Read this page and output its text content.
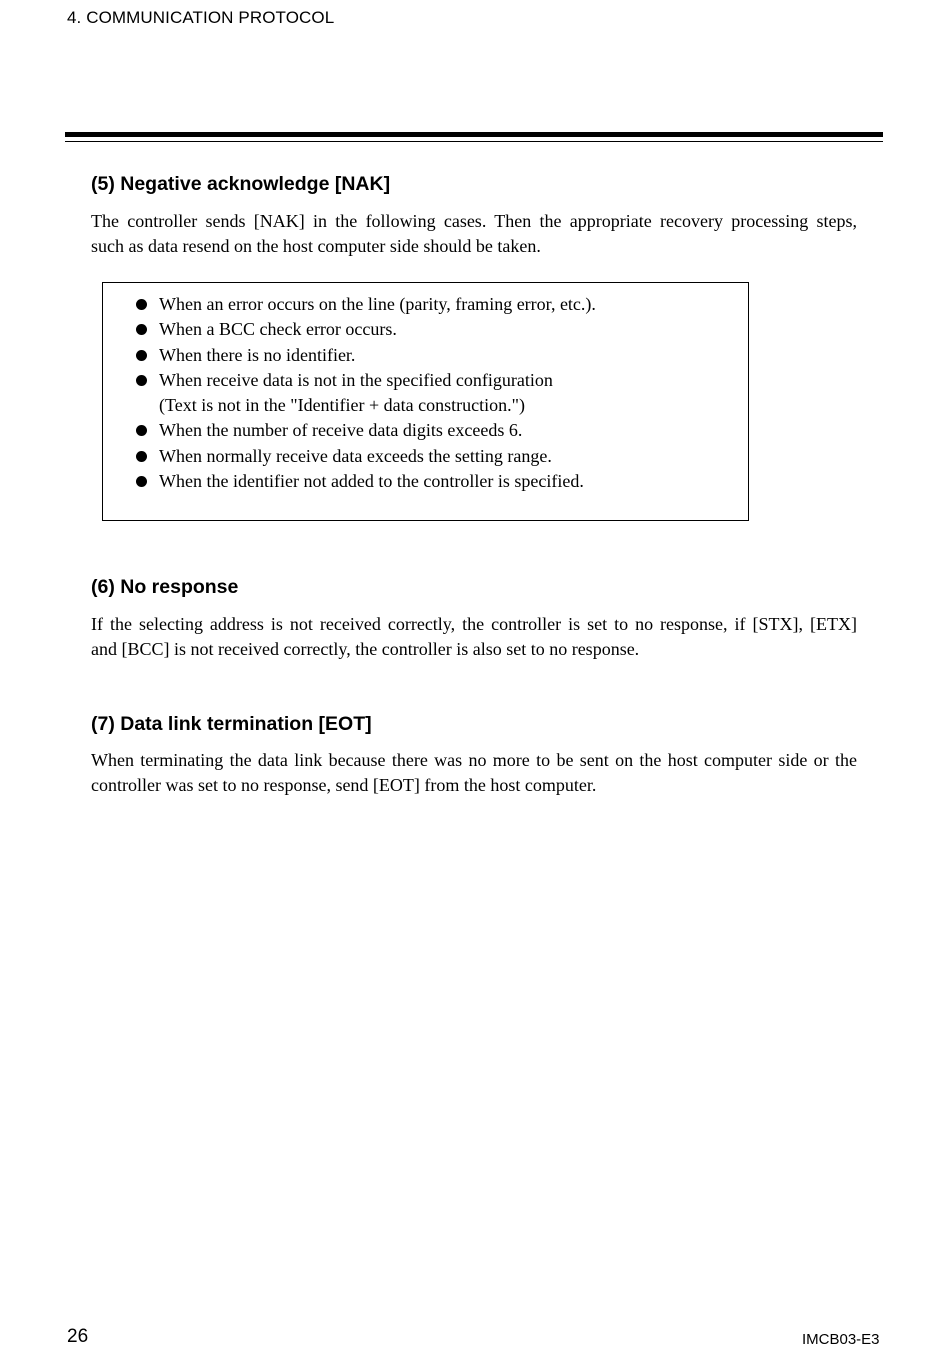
4. COMMUNICATION PROTOCOL
(5) Negative acknowledge [NAK]

The controller sends [NAK] in the following cases. Then the appropriate recovery processing steps,
such as data resend on the host computer side should be taken.

When an error occurs on the line (parity, framing error, etc.).
When a BCC check error occurs.
When there is no identifier.
When receive data is not in the specified configuration
(Text is not in the "Identifier + data construction.")
When the number of receive data digits exceeds 6.
When normally receive data exceeds the setting range.
When the identifier not added to the controller is specified.
(6) No response

If the selecting address is not received correctly, the controller is set to no response, if [STX], [ETX]
and [BCC] is not received correctly, the controller is also set to no response.

(7) Data link termination [EOT]

When terminating the data link because there was no more to be sent on the host computer side or the
controller was set to no response, send [EOT] from the host computer.

26	IMCB03-E3
